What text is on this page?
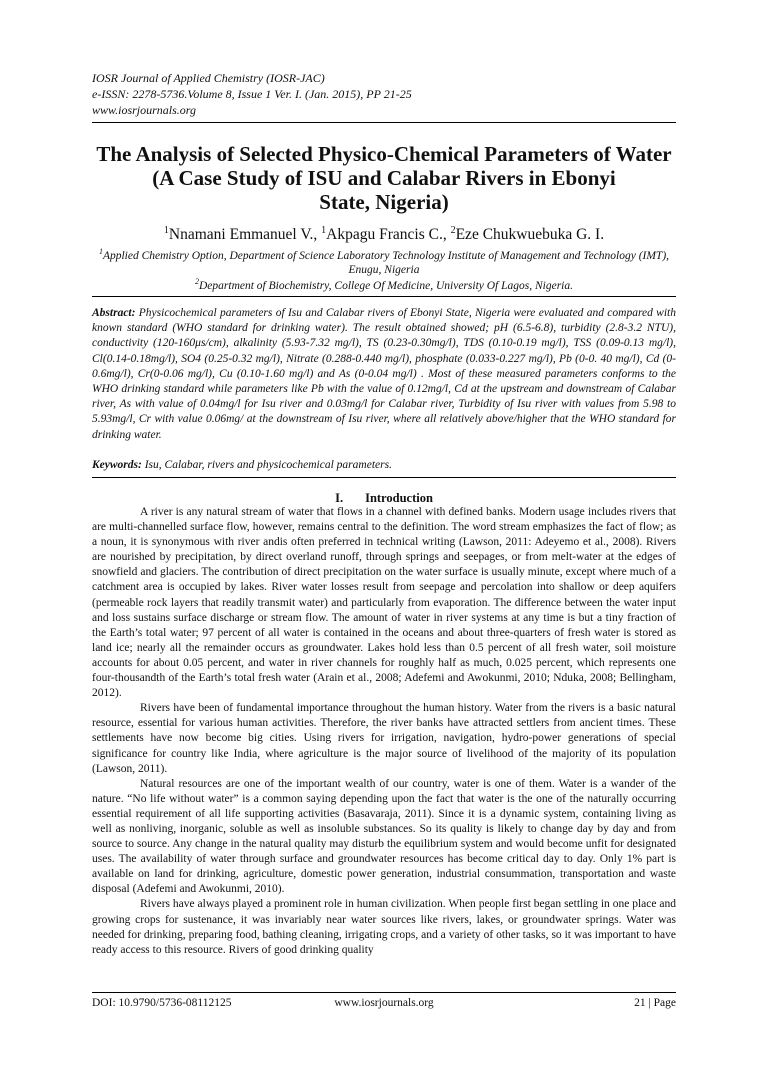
IOSR Journal of Applied Chemistry (IOSR-JAC)
e-ISSN: 2278-5736.Volume 8, Issue 1 Ver. I. (Jan. 2015), PP 21-25
www.iosrjournals.org
The Analysis of Selected Physico-Chemical Parameters of Water
(A Case Study of ISU and Calabar Rivers in Ebonyi
State, Nigeria)
$^1$Nnamani Emmanuel V., $^1$Akpagu Francis C., $^2$Eze Chukwuebuka G. I.
$^1$Applied Chemistry Option, Department of Science Laboratory Technology Institute of Management and Technology (IMT), Enugu, Nigeria
$^2$Department of Biochemistry, College Of Medicine, University Of Lagos, Nigeria.
Abstract: Physicochemical parameters of Isu and Calabar rivers of Ebonyi State, Nigeria were evaluated and compared with known standard (WHO standard for drinking water). The result obtained showed; pH (6.5-6.8), turbidity (2.8-3.2 NTU), conductivity (120-160μs/cm), alkalinity (5.93-7.32 mg/l), TS (0.23-0.30mg/l), TDS (0.10-0.19 mg/l), TSS (0.09-0.13 mg/l), Cl(0.14-0.18mg/l), SO4 (0.25-0.32 mg/l), Nitrate (0.288-0.440 mg/l), phosphate (0.033-0.227 mg/l), Pb (0-0. 40 mg/l), Cd (0-0.6mg/l), Cr(0-0.06 mg/l), Cu (0.10-1.60 mg/l) and As (0-0.04 mg/l) . Most of these measured parameters conforms to the WHO drinking standard while parameters like Pb with the value of 0.12mg/l, Cd at the upstream and downstream of Calabar river, As with value of 0.04mg/l for Isu river and 0.03mg/l for Calabar river, Turbidity of Isu river with values from 5.98 to 5.93mg/l, Cr with value 0.06mg/ at the downstream of Isu river, where all relatively above/higher that the WHO standard for drinking water.
Keywords: Isu, Calabar, rivers and physicochemical parameters.
I. Introduction

A river is any natural stream of water that flows in a channel with defined banks. Modern usage includes rivers that are multi-channelled surface flow, however, remains central to the definition. The word stream emphasizes the fact of flow; as a noun, it is synonymous with river andis often preferred in technical writing (Lawson, 2011: Adeyemo et al., 2008). Rivers are nourished by precipitation, by direct overland runoff, through springs and seepages, or from melt-water at the edges of snowfield and glaciers. The contribution of direct precipitation on the water surface is usually minute, except where much of a catchment area is occupied by lakes. River water losses result from seepage and percolation into shallow or deep aquifers (permeable rock layers that readily transmit water) and particularly from evaporation. The difference between the water input and loss sustains surface discharge or stream flow. The amount of water in river systems at any time is but a tiny fraction of the Earth’s total water; 97 percent of all water is contained in the oceans and about three-quarters of fresh water is stored as land ice; nearly all the remainder occurs as groundwater. Lakes hold less than 0.5 percent of all fresh water, soil moisture accounts for about 0.05 percent, and water in river channels for roughly half as much, 0.025 percent, which represents one four-thousandth of the Earth’s total fresh water (Arain et al., 2008; Adefemi and Awokunmi, 2010; Nduka, 2008; Bellingham, 2012).

Rivers have been of fundamental importance throughout the human history. Water from the rivers is a basic natural resource, essential for various human activities. Therefore, the river banks have attracted settlers from ancient times. These settlements have now become big cities. Using rivers for irrigation, navigation, hydro-power generations of special significance for country like India, where agriculture is the major source of livelihood of the majority of its population (Lawson, 2011).

Natural resources are one of the important wealth of our country, water is one of them. Water is a wander of the nature. “No life without water” is a common saying depending upon the fact that water is the one of the naturally occurring essential requirement of all life supporting activities (Basavaraja, 2011). Since it is a dynamic system, containing living as well as nonliving, inorganic, soluble as well as insoluble substances. So its quality is likely to change day by day and from source to source. Any change in the natural quality may disturb the equilibrium system and would become unfit for designated uses. The availability of water through surface and groundwater resources has become critical day to day. Only 1% part is available on land for drinking, agriculture, domestic power generation, industrial consummation, transportation and waste disposal (Adefemi and Awokunmi, 2010).

Rivers have always played a prominent role in human civilization. When people first began settling in one place and growing crops for sustenance, it was invariably near water sources like rivers, lakes, or groundwater springs. Water was needed for drinking, preparing food, bathing cleaning, irrigating crops, and a variety of other tasks, so it was important to have ready access to this resource. Rivers of good drinking quality

DOI: 10.9790/5736-08112125	www.iosrjournals.org	21 | Page
